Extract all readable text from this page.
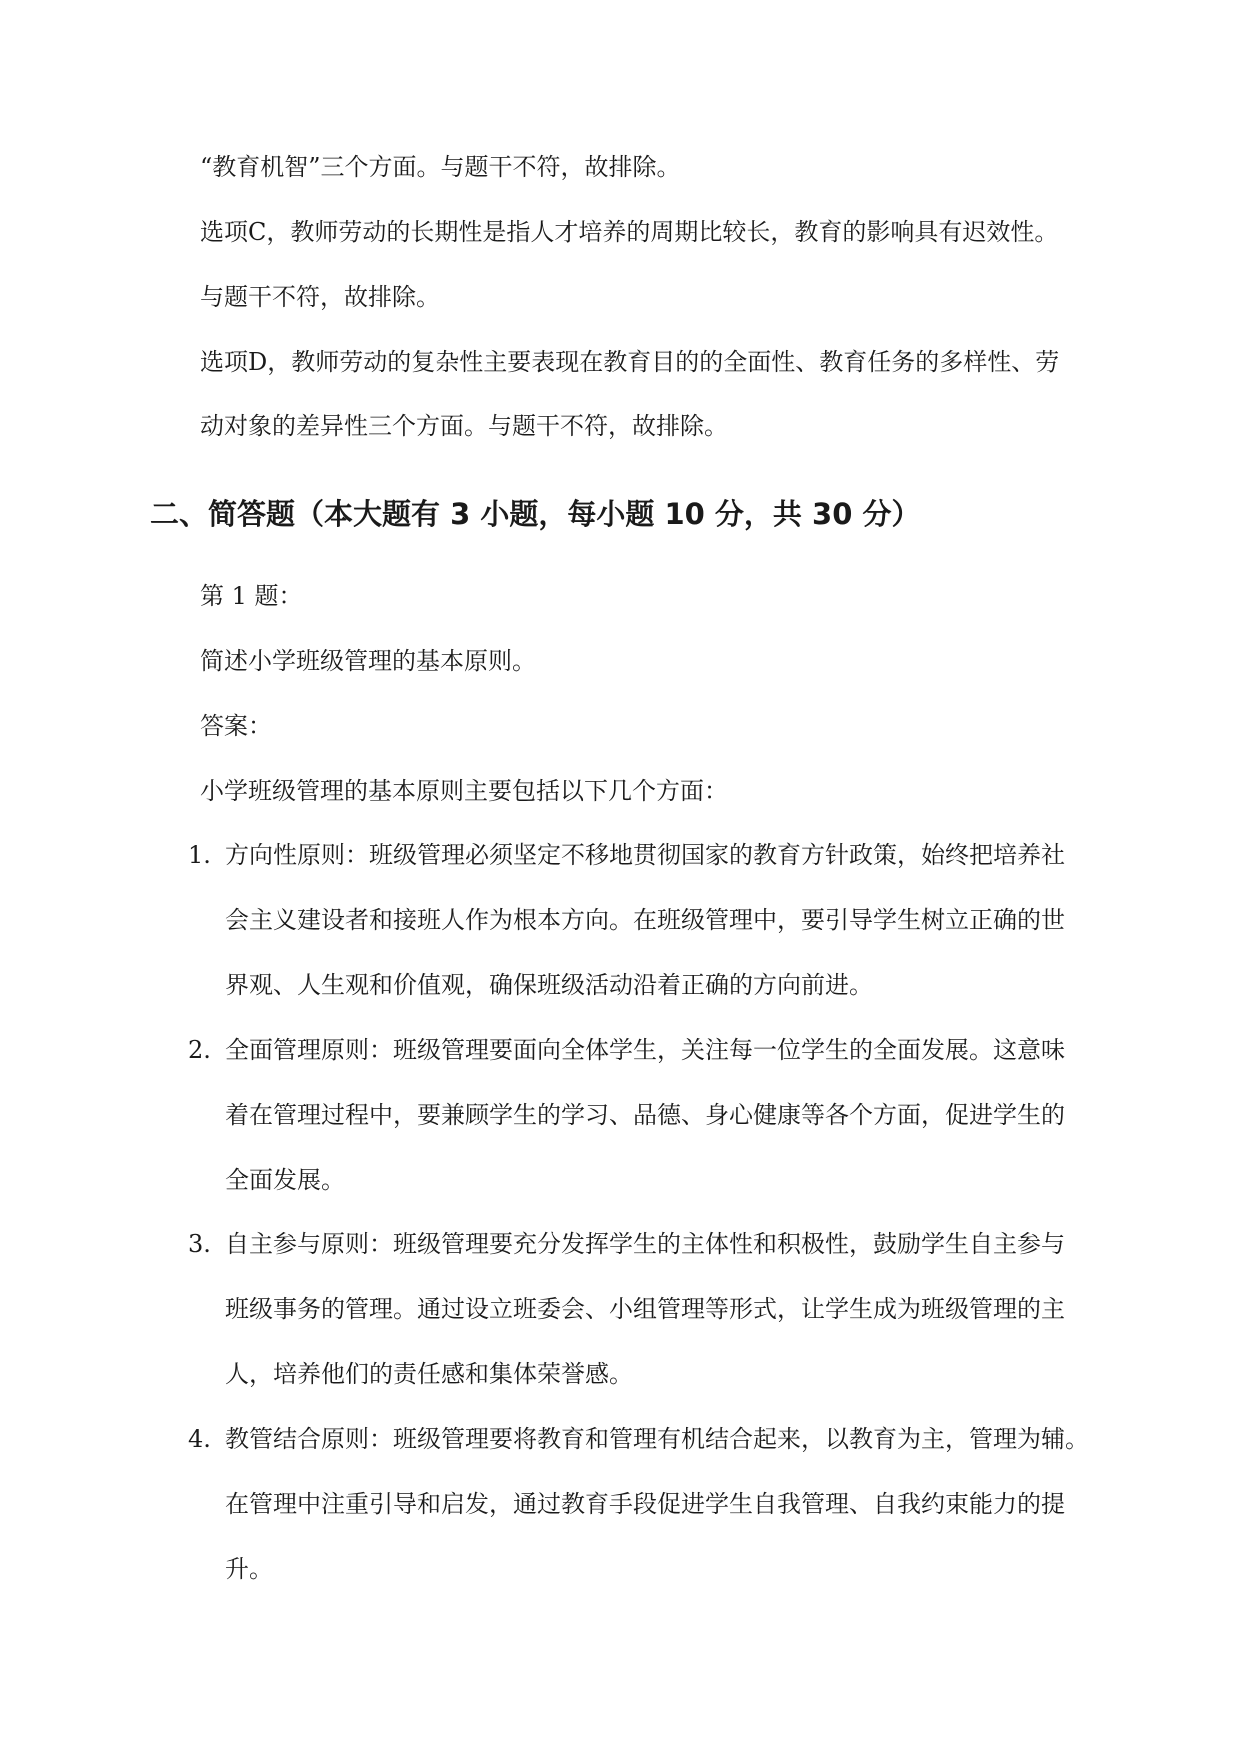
“教育机智”三个方面。与题干不符，故排除。
选项C，教师劳动的长期性是指人才培养的周期比较长，教育的影响具有迟效性。
与题干不符，故排除。
选项D，教师劳动的复杂性主要表现在教育目的的全面性、教育任务的多样性、劳
动对象的差异性三个方面。与题干不符，故排除。
二、简答题（本大题有 3 小题，每小题 10 分，共 30 分）
第 1 题：
简述小学班级管理的基本原则。
答案：
小学班级管理的基本原则主要包括以下几个方面：
1. 方向性原则：班级管理必须坚定不移地贯彻国家的教育方针政策，始终把培养社
会主义建设者和接班人作为根本方向。在班级管理中，要引导学生树立正确的世
界观、人生观和价值观，确保班级活动沿着正确的方向前进。
2. 全面管理原则：班级管理要面向全体学生，关注每一位学生的全面发展。这意味
着在管理过程中，要兼顾学生的学习、品德、身心健康等各个方面，促进学生的
全面发展。
3. 自主参与原则：班级管理要充分发挥学生的主体性和积极性，鼓励学生自主参与
班级事务的管理。通过设立班委会、小组管理等形式，让学生成为班级管理的主
人，培养他们的责任感和集体荣誉感。
4. 教管结合原则：班级管理要将教育和管理有机结合起来，以教育为主，管理为辅。
在管理中注重引导和启发，通过教育手段促进学生自我管理、自我约束能力的提
升。
